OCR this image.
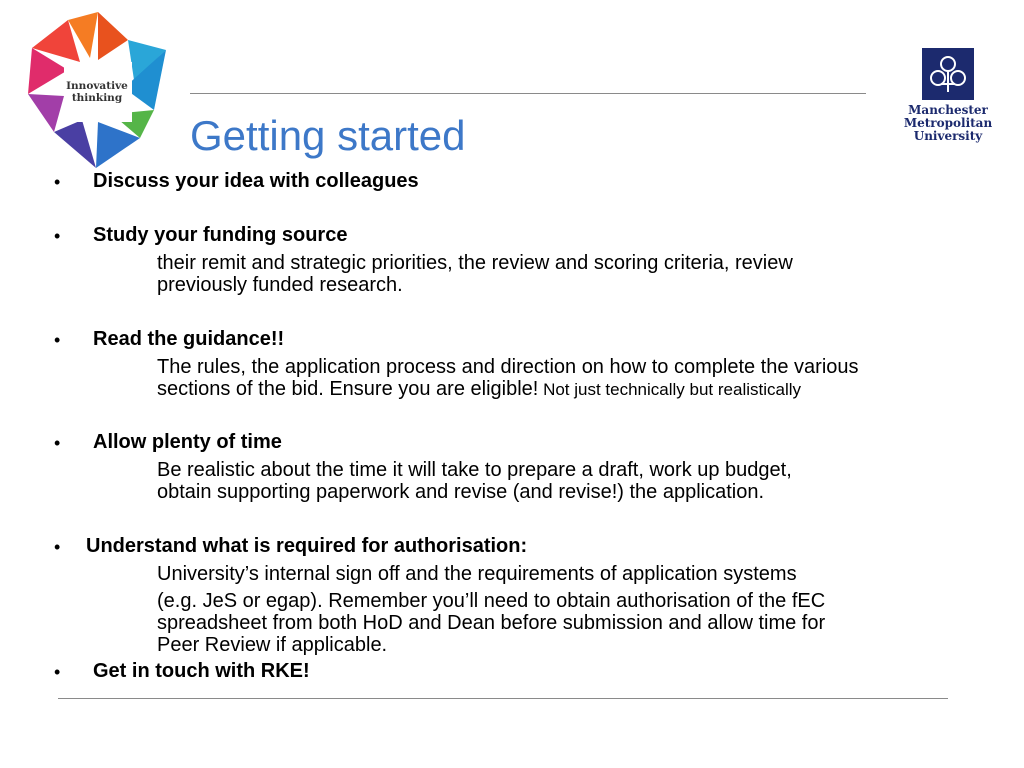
Innovative
thinking
Getting started
Manchester
Metropolitan
University
• Discuss your idea with colleagues
• Study your funding source
their remit and strategic priorities, the review and scoring criteria, review
previously funded research.
• Read the guidance!!
The rules, the application process and direction on how to complete the various
sections of the bid. Ensure you are eligible! Not just technically but realistically
• Allow plenty of time
Be realistic about the time it will take to prepare a draft, work up budget,
obtain supporting paperwork and revise (and revise!) the application.
• Understand what is required for authorisation:
University’s internal sign off and the requirements of application systems
(e.g. JeS or egap). Remember you’ll need to obtain authorisation of the fEC
spreadsheet from both HoD and Dean before submission and allow time for
Peer Review if applicable.
• Get in touch with RKE!
